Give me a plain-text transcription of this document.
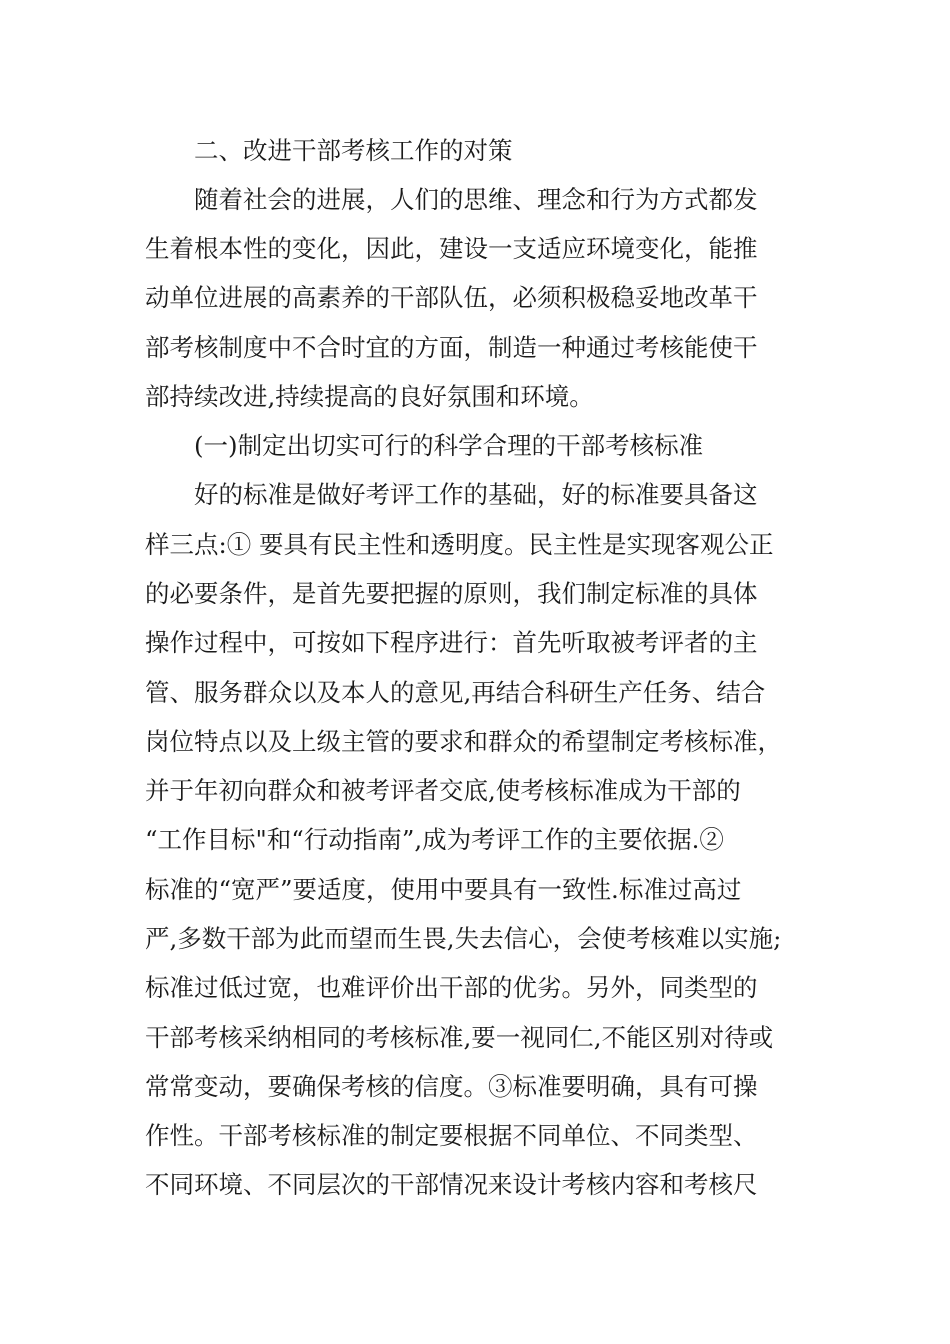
二、改进干部考核工作的对策
随着社会的进展，人们的思维、理念和行为方式都发
生着根本性的变化，因此，建设一支适应环境变化，能推
动单位进展的高素养的干部队伍，必须积极稳妥地改革干
部考核制度中不合时宜的方面，制造一种通过考核能使干
部持续改进,持续提高的良好氛围和环境。
(一)制定出切实可行的科学合理的干部考核标准
好的标准是做好考评工作的基础，好的标准要具备这
样三点:① 要具有民主性和透明度。民主性是实现客观公正
的必要条件，是首先要把握的原则，我们制定标准的具体
操作过程中，可按如下程序进行：首先听取被考评者的主
管、服务群众以及本人的意见,再结合科研生产任务、结合
岗位特点以及上级主管的要求和群众的希望制定考核标准，
并于年初向群众和被考评者交底,使考核标准成为干部的
“工作目标"和“行动指南”,成为考评工作的主要依据.②
标准的“宽严”要适度，使用中要具有一致性.标准过高过
严,多数干部为此而望而生畏,失去信心，会使考核难以实施;
标准过低过宽，也难评价出干部的优劣。另外，同类型的
干部考核采纳相同的考核标准,要一视同仁,不能区别对待或
常常变动，要确保考核的信度。③标准要明确，具有可操
作性。干部考核标准的制定要根据不同单位、不同类型、
不同环境、不同层次的干部情况来设计考核内容和考核尺
